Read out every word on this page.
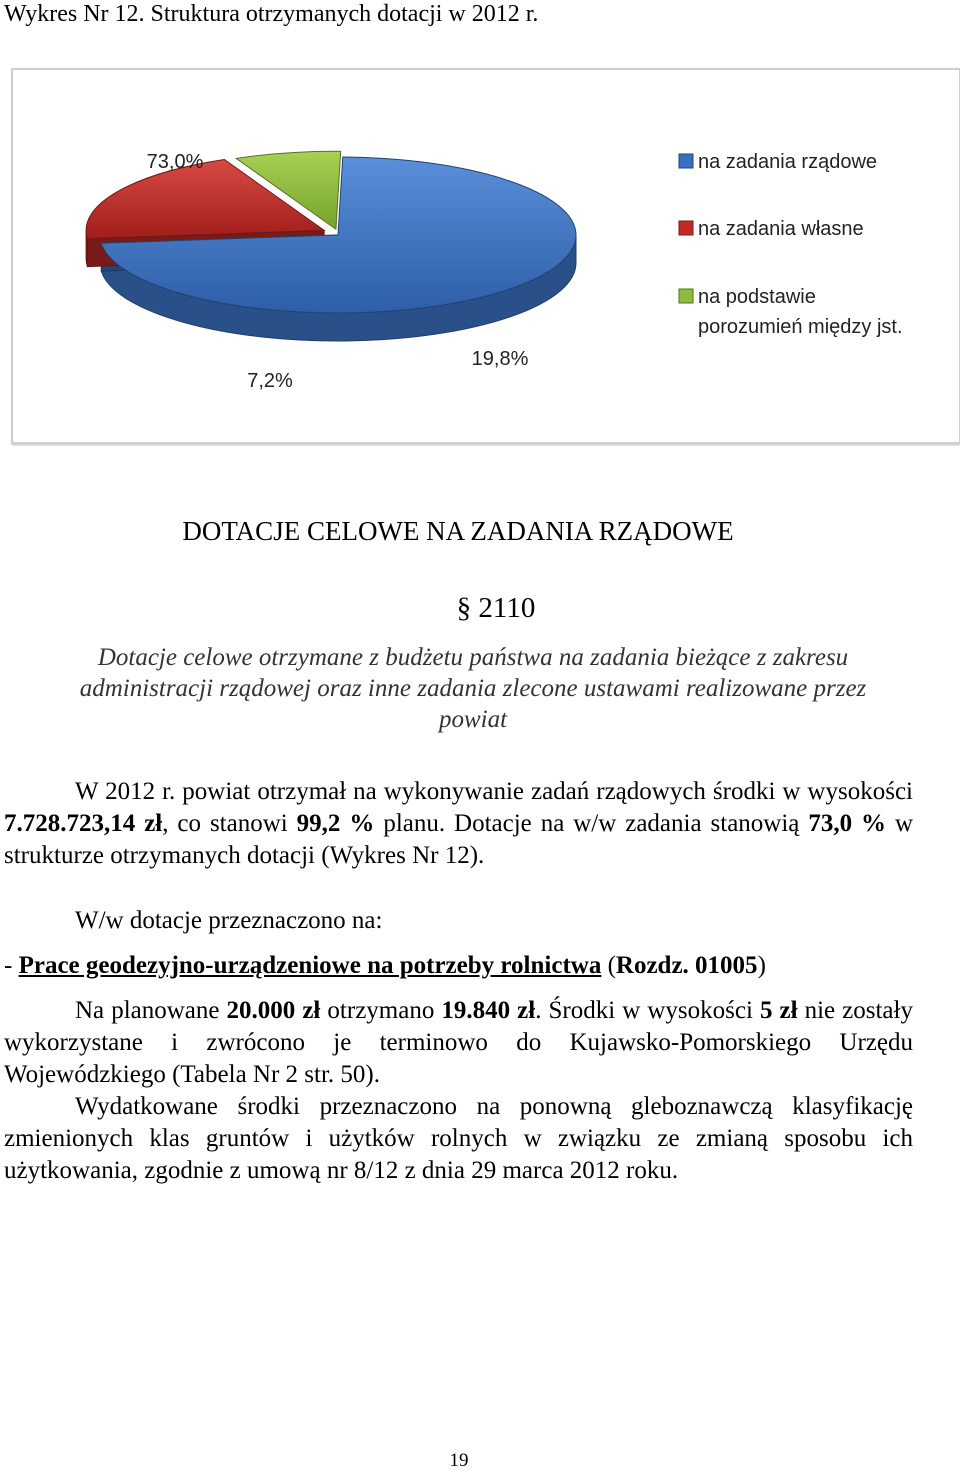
Wykres Nr 12. Struktura otrzymanych dotacji w 2012 r.
na zadania rządowe
na zadania własne
na podstawie
porozumień między jst.
73,0%
19,8%
7,2%
DOTACJE CELOWE NA ZADANIA RZĄDOWE
§ 2110
Dotacje celowe otrzymane z budżetu państwa na zadania bieżące z zakresu administracji rządowej oraz inne zadania zlecone ustawami realizowane przez powiat
W 2012 r. powiat otrzymał na wykonywanie zadań rządowych środki w wysokości 7.728.723,14 zł, co stanowi 99,2 % planu. Dotacje na w/w zadania stanowią 73,0 % w strukturze otrzymanych dotacji (Wykres Nr 12).
W/w dotacje przeznaczono na:
- Prace geodezyjno-urządzeniowe na potrzeby rolnictwa (Rozdz. 01005)
Na planowane 20.000 zł otrzymano 19.840 zł. Środki w wysokości 5 zł nie zostały wykorzystane i zwrócono je terminowo do Kujawsko-Pomorskiego Urzędu Wojewódzkiego (Tabela Nr 2 str. 50).
Wydatkowane środki przeznaczono na ponowną gleboznawczą klasyfikację zmienionych klas gruntów i użytków rolnych w związku ze zmianą sposobu ich użytkowania, zgodnie z umową nr 8/12 z dnia 29 marca 2012 roku.
19
